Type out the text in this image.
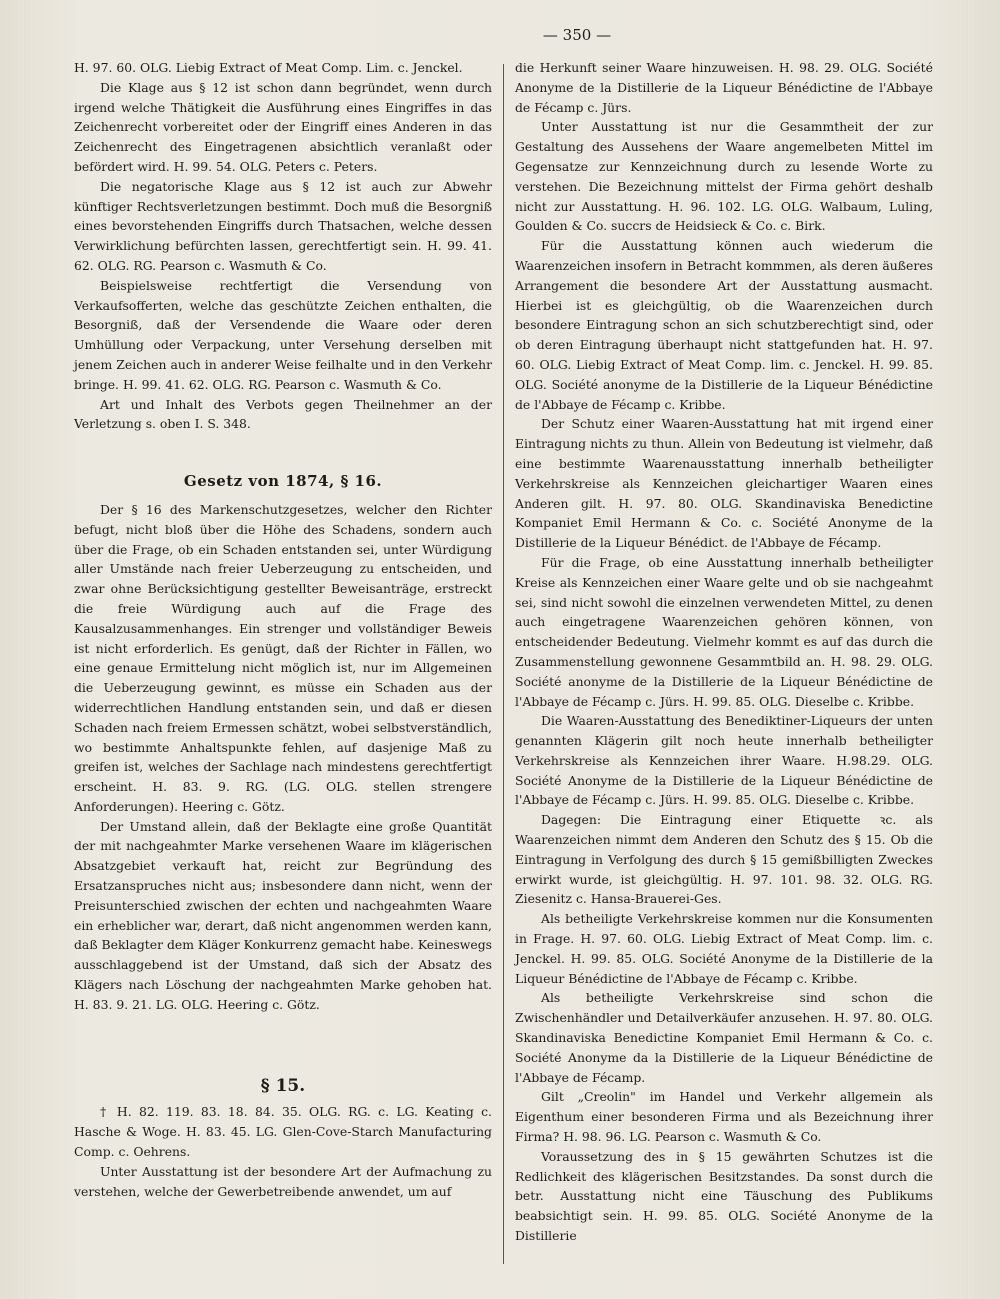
— 350 —

H. 97. 60. OLG. Liebig Extract of Meat Comp. Lim. c. Jenckel.

Die Klage aus § 12 ist schon dann begründet, wenn durch irgend welche Thätigkeit die Ausführung eines Eingriffes in das Zeichenrecht vorbereitet oder der Eingriff eines Anderen in das Zeichenrecht des Eingetragenen absichtlich veranlaßt oder befördert wird. H. 99. 54. OLG. Peters c. Peters.

Die negatorische Klage aus § 12 ist auch zur Abwehr künftiger Rechtsverletzungen bestimmt. Doch muß die Besorgniß eines bevorstehenden Eingriffs durch Thatsachen, welche dessen Verwirklichung befürchten lassen, gerechtfertigt sein. H. 99. 41. 62. OLG. RG. Pearson c. Wasmuth & Co.

Beispielsweise rechtfertigt die Versendung von Verkaufsofferten, welche das geschützte Zeichen enthalten, die Besorgniß, daß der Versendende die Waare oder deren Umhüllung oder Verpackung, unter Versehung derselben mit jenem Zeichen auch in anderer Weise feilhalte und in den Verkehr bringe. H. 99. 41. 62. OLG. RG. Pearson c. Wasmuth & Co.

Art und Inhalt des Verbots gegen Theilnehmer an der Verletzung s. oben I. S. 348.

Gesetz von 1874, § 16.

Der § 16 des Markenschutzgesetzes, welcher den Richter befugt, nicht bloß über die Höhe des Schadens, sondern auch über die Frage, ob ein Schaden entstanden sei, unter Würdigung aller Umstände nach freier Ueberzeugung zu entscheiden, und zwar ohne Berücksichtigung gestellter Beweisanträge, erstreckt die freie Würdigung auch auf die Frage des Kausalzusammenhanges. Ein strenger und vollständiger Beweis ist nicht erforderlich. Es genügt, daß der Richter in Fällen, wo eine genaue Ermittelung nicht möglich ist, nur im Allgemeinen die Ueberzeugung gewinnt, es müsse ein Schaden aus der widerrechtlichen Handlung entstanden sein, und daß er diesen Schaden nach freiem Ermessen schätzt, wobei selbstverständlich, wo bestimmte Anhaltspunkte fehlen, auf dasjenige Maß zu greifen ist, welches der Sachlage nach mindestens gerechtfertigt erscheint. H. 83. 9. RG. (LG. OLG. stellen strengere Anforderungen). Heering c. Götz.

Der Umstand allein, daß der Beklagte eine große Quantität der mit nachgeahmter Marke versehenen Waare im klägerischen Absatzgebiet verkauft hat, reicht zur Begründung des Ersatzanspruches nicht aus; insbesondere dann nicht, wenn der Preisunterschied zwischen der echten und nachgeahmten Waare ein erheblicher war, derart, daß nicht angenommen werden kann, daß Beklagter dem Kläger Konkurrenz gemacht habe. Keineswegs ausschlaggebend ist der Umstand, daß sich der Absatz des Klägers nach Löschung der nachgeahmten Marke gehoben hat. H. 83. 9. 21. LG. OLG. Heering c. Götz.

§ 15.

† H. 82. 119. 83. 18. 84. 35. OLG. RG. c. LG. Keating c. Hasche & Woge. H. 83. 45. LG. Glen-Cove-Starch Manufacturing Comp. c. Oehrens.

Unter Ausstattung ist der besondere Art der Aufmachung zu verstehen, welche der Gewerbetreibende anwendet, um auf

die Herkunft seiner Waare hinzuweisen. H. 98. 29. OLG. Société Anonyme de la Distillerie de la Liqueur Bénédictine de l'Abbaye de Fécamp c. Jürs.

Unter Ausstattung ist nur die Gesammtheit der zur Gestaltung des Aussehens der Waare angemelbeten Mittel im Gegensatze zur Kennzeichnung durch zu lesende Worte zu verstehen. Die Bezeichnung mittelst der Firma gehört deshalb nicht zur Ausstattung. H. 96. 102. LG. OLG. Walbaum, Luling, Goulden & Co. succrs de Heidsieck & Co. c. Birk.

Für die Ausstattung können auch wiederum die Waarenzeichen insofern in Betracht kommmen, als deren äußeres Arrangement die besondere Art der Ausstattung ausmacht. Hierbei ist es gleichgültig, ob die Waarenzeichen durch besondere Eintragung schon an sich schutzberechtigt sind, oder ob deren Eintragung überhaupt nicht stattgefunden hat. H. 97. 60. OLG. Liebig Extract of Meat Comp. lim. c. Jenckel. H. 99. 85. OLG. Société anonyme de la Distillerie de la Liqueur Bénédictine de l'Abbaye de Fécamp c. Kribbe.

Der Schutz einer Waaren-Ausstattung hat mit irgend einer Eintragung nichts zu thun. Allein von Bedeutung ist vielmehr, daß eine bestimmte Waarenausstattung innerhalb betheiligter Verkehrskreise als Kennzeichen gleichartiger Waaren eines Anderen gilt. H. 97. 80. OLG. Skandinaviska Benedictine Kompaniet Emil Hermann & Co. c. Société Anonyme de la Distillerie de la Liqueur Bénédict. de l'Abbaye de Fécamp.

Für die Frage, ob eine Ausstattung innerhalb betheiligter Kreise als Kennzeichen einer Waare gelte und ob sie nachgeahmt sei, sind nicht sowohl die einzelnen verwendeten Mittel, zu denen auch eingetragene Waarenzeichen gehören können, von entscheidender Bedeutung. Vielmehr kommt es auf das durch die Zusammenstellung gewonnene Gesammtbild an. H. 98. 29. OLG. Société anonyme de la Distillerie de la Liqueur Bénédictine de l'Abbaye de Fécamp c. Jürs. H. 99. 85. OLG. Dieselbe c. Kribbe.

Die Waaren-Ausstattung des Benediktiner-Liqueurs der unten genannten Klägerin gilt noch heute innerhalb betheiligter Verkehrskreise als Kennzeichen ihrer Waare. H.98.29. OLG. Société Anonyme de la Distillerie de la Liqueur Bénédictine de l'Abbaye de Fécamp c. Jürs. H. 99. 85. OLG. Dieselbe c. Kribbe.

Dagegen: Die Eintragung einer Etiquette ꝛc. als Waarenzeichen nimmt dem Anderen den Schutz des § 15. Ob die Eintragung in Verfolgung des durch § 15 gemißbilligten Zweckes erwirkt wurde, ist gleichgültig. H. 97. 101. 98. 32. OLG. RG. Ziesenitz c. Hansa-Brauerei-Ges.

Als betheiligte Verkehrskreise kommen nur die Konsumenten in Frage. H. 97. 60. OLG. Liebig Extract of Meat Comp. lim. c. Jenckel. H. 99. 85. OLG. Société Anonyme de la Distillerie de la Liqueur Bénédictine de l'Abbaye de Fécamp c. Kribbe.

Als betheiligte Verkehrskreise sind schon die Zwischenhändler und Detailverkäufer anzusehen. H. 97. 80. OLG. Skandinaviska Benedictine Kompaniet Emil Hermann & Co. c. Société Anonyme da la Distillerie de la Liqueur Bénédictine de l'Abbaye de Fécamp.

Gilt „Creolin" im Handel und Verkehr allgemein als Eigenthum einer besonderen Firma und als Bezeichnung ihrer Firma? H. 98. 96. LG. Pearson c. Wasmuth & Co.

Voraussetzung des in § 15 gewährten Schutzes ist die Redlichkeit des klägerischen Besitzstandes. Da sonst durch die betr. Ausstattung nicht eine Täuschung des Publikums beabsichtigt sein. H. 99. 85. OLG. Société Anonyme de la Distillerie
